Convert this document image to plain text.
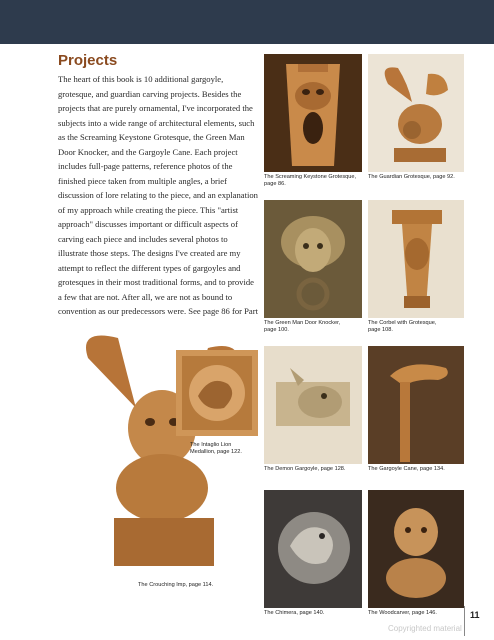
Projects
The heart of this book is 10 additional gargoyle, grotesque, and guardian carving projects. Besides the projects that are purely ornamental, I've incorporated the subjects into a wide range of architectural elements, such as the Screaming Keystone Grotesque, the Green Man Door Knocker, and the Gargoyle Cane. Each project includes full-page patterns, reference photos of the finished piece taken from multiple angles, a brief discussion of lore relating to the piece, and an explanation of my approach while creating the piece. This "artist approach" discusses important or difficult aspects of carving each piece and includes several photos to illustrate those steps. The designs I've created are my attempt to reflect the different types of gargoyles and grotesques in their most traditional forms, and to provide a few that are not. After all, we are not as bound to convention as our predecessors were. See page 86 for Part
The Screaming Keystone Grotesque, page 86.
The Guardian Grotesque, page 92.
The Green Man Door Knocker, page 100.
The Corbel with Grotesque, page 108.
The Intaglio Lion Medallion, page 122.
The Demon Gargoyle, page 128.	The Gargoyle Cane, page 134.
The Chimera, page 140.	The Woodcarver, page 146.
The Crouching Imp, page 114.
11
Copyrighted material
